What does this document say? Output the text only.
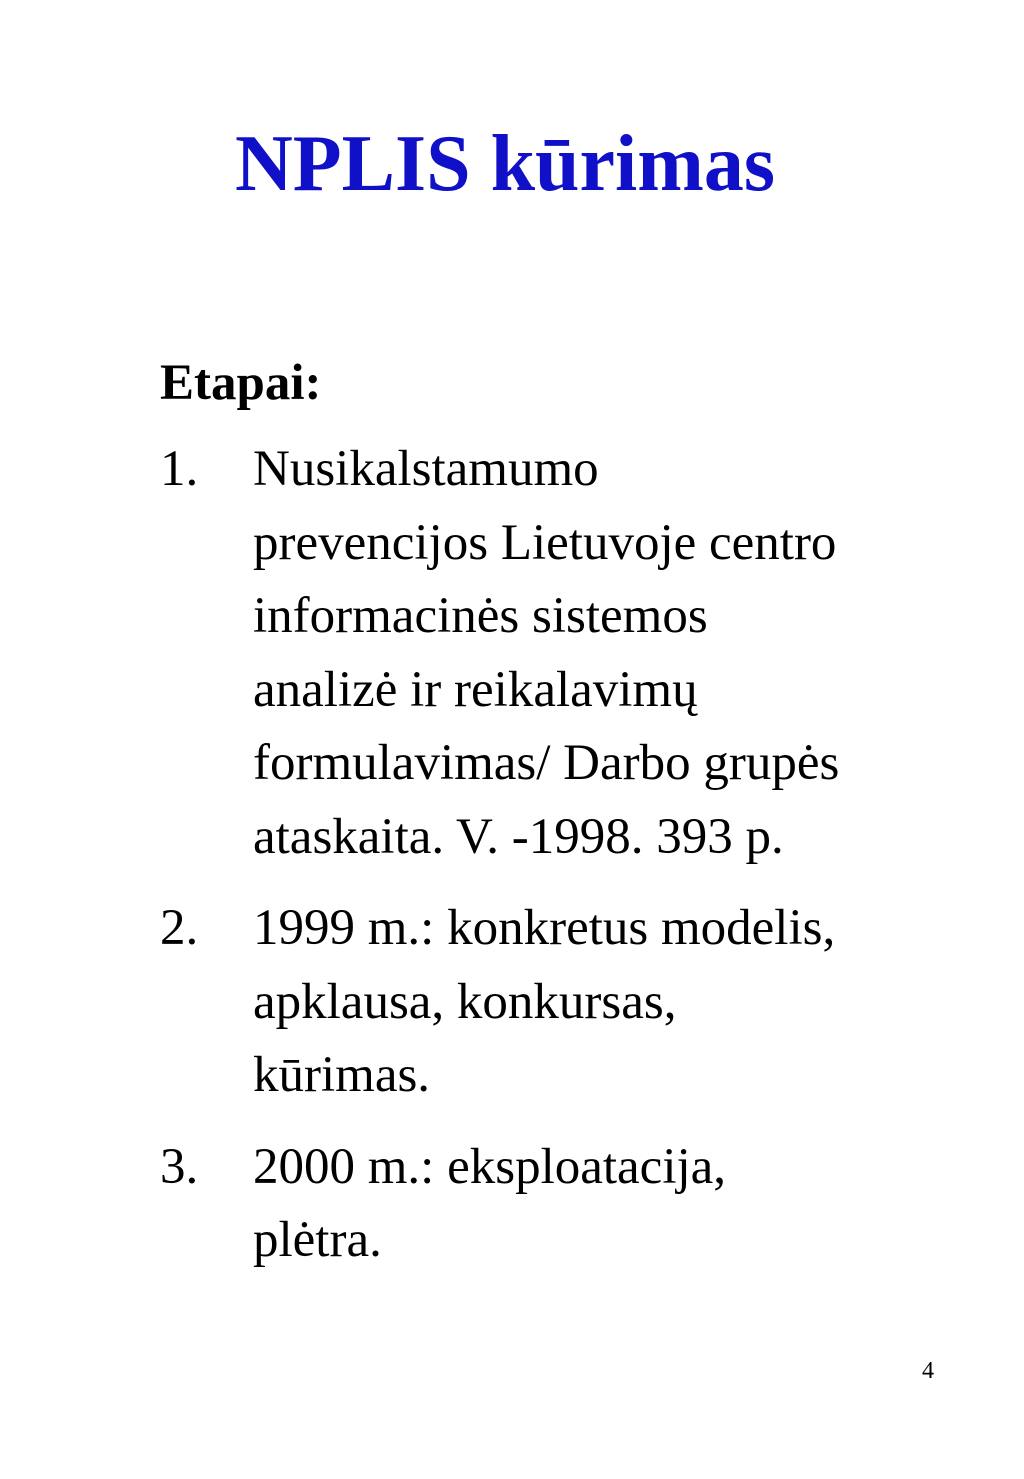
NPLIS kūrimas
Etapai:
1. Nusikalstamumo
prevencijos Lietuvoje centro
informacinės sistemos
analizė ir reikalavimų
formulavimas/ Darbo grupės
ataskaita. V. -1998. 393 p.
2. 1999 m.: konkretus modelis,
apklausa, konkursas,
kūrimas.
3. 2000 m.: eksploatacija,
plėtra.
4
